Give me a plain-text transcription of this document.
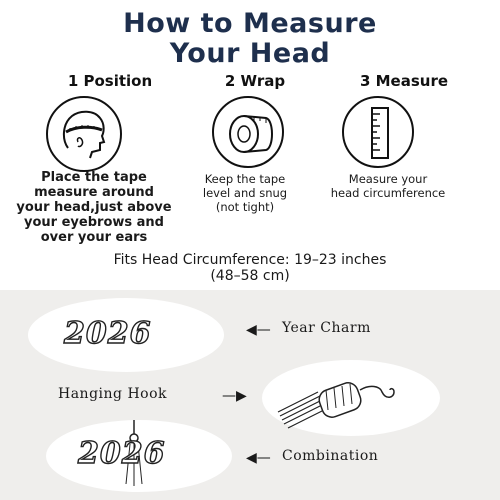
How to Measure
Your Head
1 Position
Place the tape
measure around
your head,just above
your eyebrows and
over your ears
2 Wrap
Keep the tape
level and snug
(not tight)
3 Measure
Measure your
head circumference
Fits Head Circumference: 19–23 inches
(48–58 cm)
2026	◀— Year Charm
Hanging Hook	—▶
2026	◀— Combination
